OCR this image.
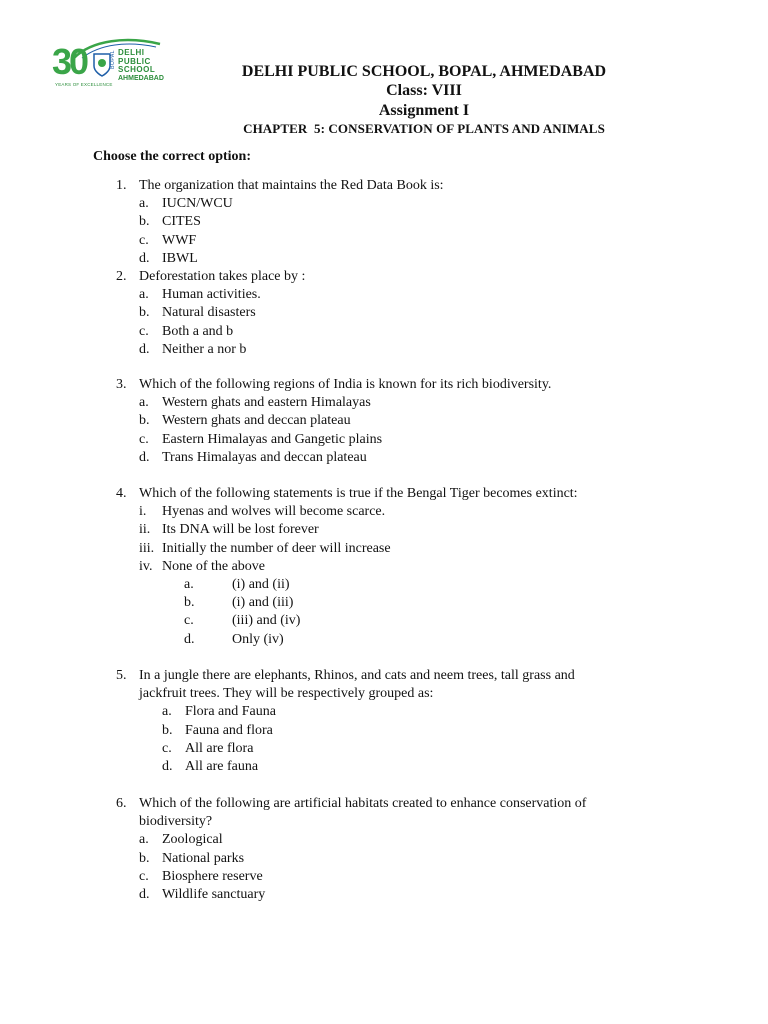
30	BOPAL DELHI
PUBLIC
SCHOOL
AHMEDABAD
YEARS OF EXCELLENCE
DELHI PUBLIC SCHOOL, BOPAL, AHMEDABAD
Class: VIII
Assignment I
CHAPTER  5: CONSERVATION OF PLANTS AND ANIMALS
Choose the correct option:
1. The organization that maintains the Red Data Book is:
a. IUCN/WCU
b. CITES
c. WWF
d. IBWL
2. Deforestation takes place by :
a. Human activities.
b. Natural disasters
c. Both a and b
d. Neither a nor b
3. Which of the following regions of India is known for its rich biodiversity.
a. Western ghats and eastern Himalayas
b. Western ghats and deccan plateau
c. Eastern Himalayas and Gangetic plains
d. Trans Himalayas and deccan plateau
4. Which of the following statements is true if the Bengal Tiger becomes extinct:
i.	Hyenas and wolves will become scarce.
ii. Its DNA will be lost forever
iii. Initially the number of deer will increase
iv. None of the above
a.	(i) and (ii)
b.	(i) and (iii)
c.	(iii) and (iv)
d.	Only (iv)
5. In a jungle there are elephants, Rhinos, and cats and neem trees, tall grass and
jackfruit trees. They will be respectively grouped as:
a. Flora and Fauna
b. Fauna and flora
c. All are flora
d. All are fauna
6. Which of the following are artificial habitats created to enhance conservation of
biodiversity?
a. Zoological
b. National parks
c. Biosphere reserve
d. Wildlife sanctuary
